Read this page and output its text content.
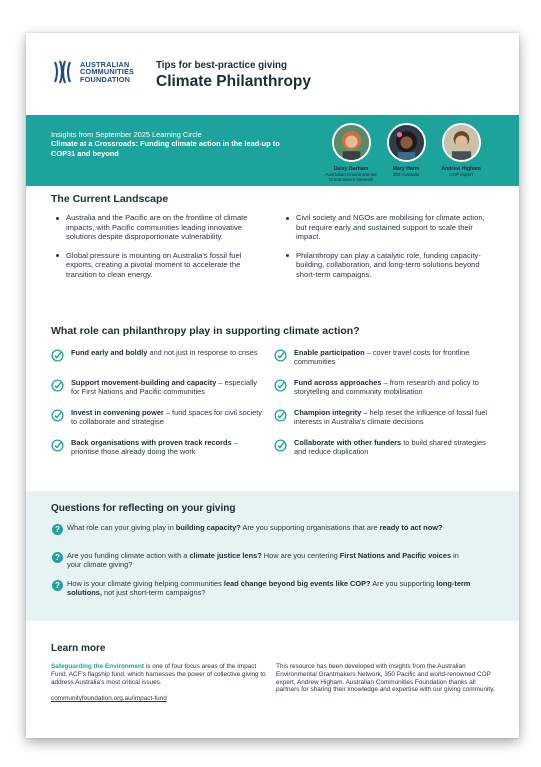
AUSTRALIAN
COMMUNITIES
FOUNDATION
Tips for best-practice giving
Climate Philanthropy
Insights from September 2025 Learning Circle
Climate at a Crossroads: Funding climate action in the lead-up to COP31 and beyond
Daisy Barham
Australian Environmental
Grantmakers Network
Mary Harm
350 Australia
Andrew Higham
COP expert
The Current Landscape
Australia and the Pacific are on the frontline of climate impacts, with Pacific communities leading innovative solutions despite disproportionate vulnerability.
Global pressure is mounting on Australia's fossil fuel exports, creating a pivotal moment to accelerate the transition to clean energy.
Civil society and NGOs are mobilising for climate action, but require early and sustained support to scale their impact.
Philanthropy can play a catalytic role, funding capacity-building, collaboration, and long-term solutions beyond short-term campaigns.
What role can philanthropy play in supporting climate action?
Fund early and boldly and not just in response to crises	Enable participation – cover travel costs for frontline communities
Support movement-building and capacity – especially for First Nations and Pacific communities
Fund across approaches – from research and policy to storytelling and community mobilisation
Invest in convening power – fund spaces for civil society to collaborate and strategise
Champion integrity – help reset the influence of fossil fuel interests in Australia's climate decisions
Back organisations with proven track records – prioritise those already doing the work
Collaborate with other funders to build shared strategies and reduce duplication
Questions for reflecting on your giving
? What role can your giving play in building capacity? Are you supporting organisations that are ready to act now?
? Are you funding climate action with a climate justice lens? How are you centering First Nations and Pacific voices in your climate giving?
? How is your climate giving helping communities lead change beyond big events like COP? Are you supporting long-term solutions, not just short-term campaigns?
Learn more
Safeguarding the Environment is one of four focus areas of the Impact Fund, ACF's flagship fund, which harnesses the power of collective giving to address Australia's most critical issues.
communityfoundation.org.au/impact-fund
This resource has been developed with insights from the Australian Environmental Grantmakers Network, 350 Pacific and world-renowned COP expert, Andrew Higham. Australian Communities Foundation thanks all partners for sharing their knowledge and expertise with our giving community.
